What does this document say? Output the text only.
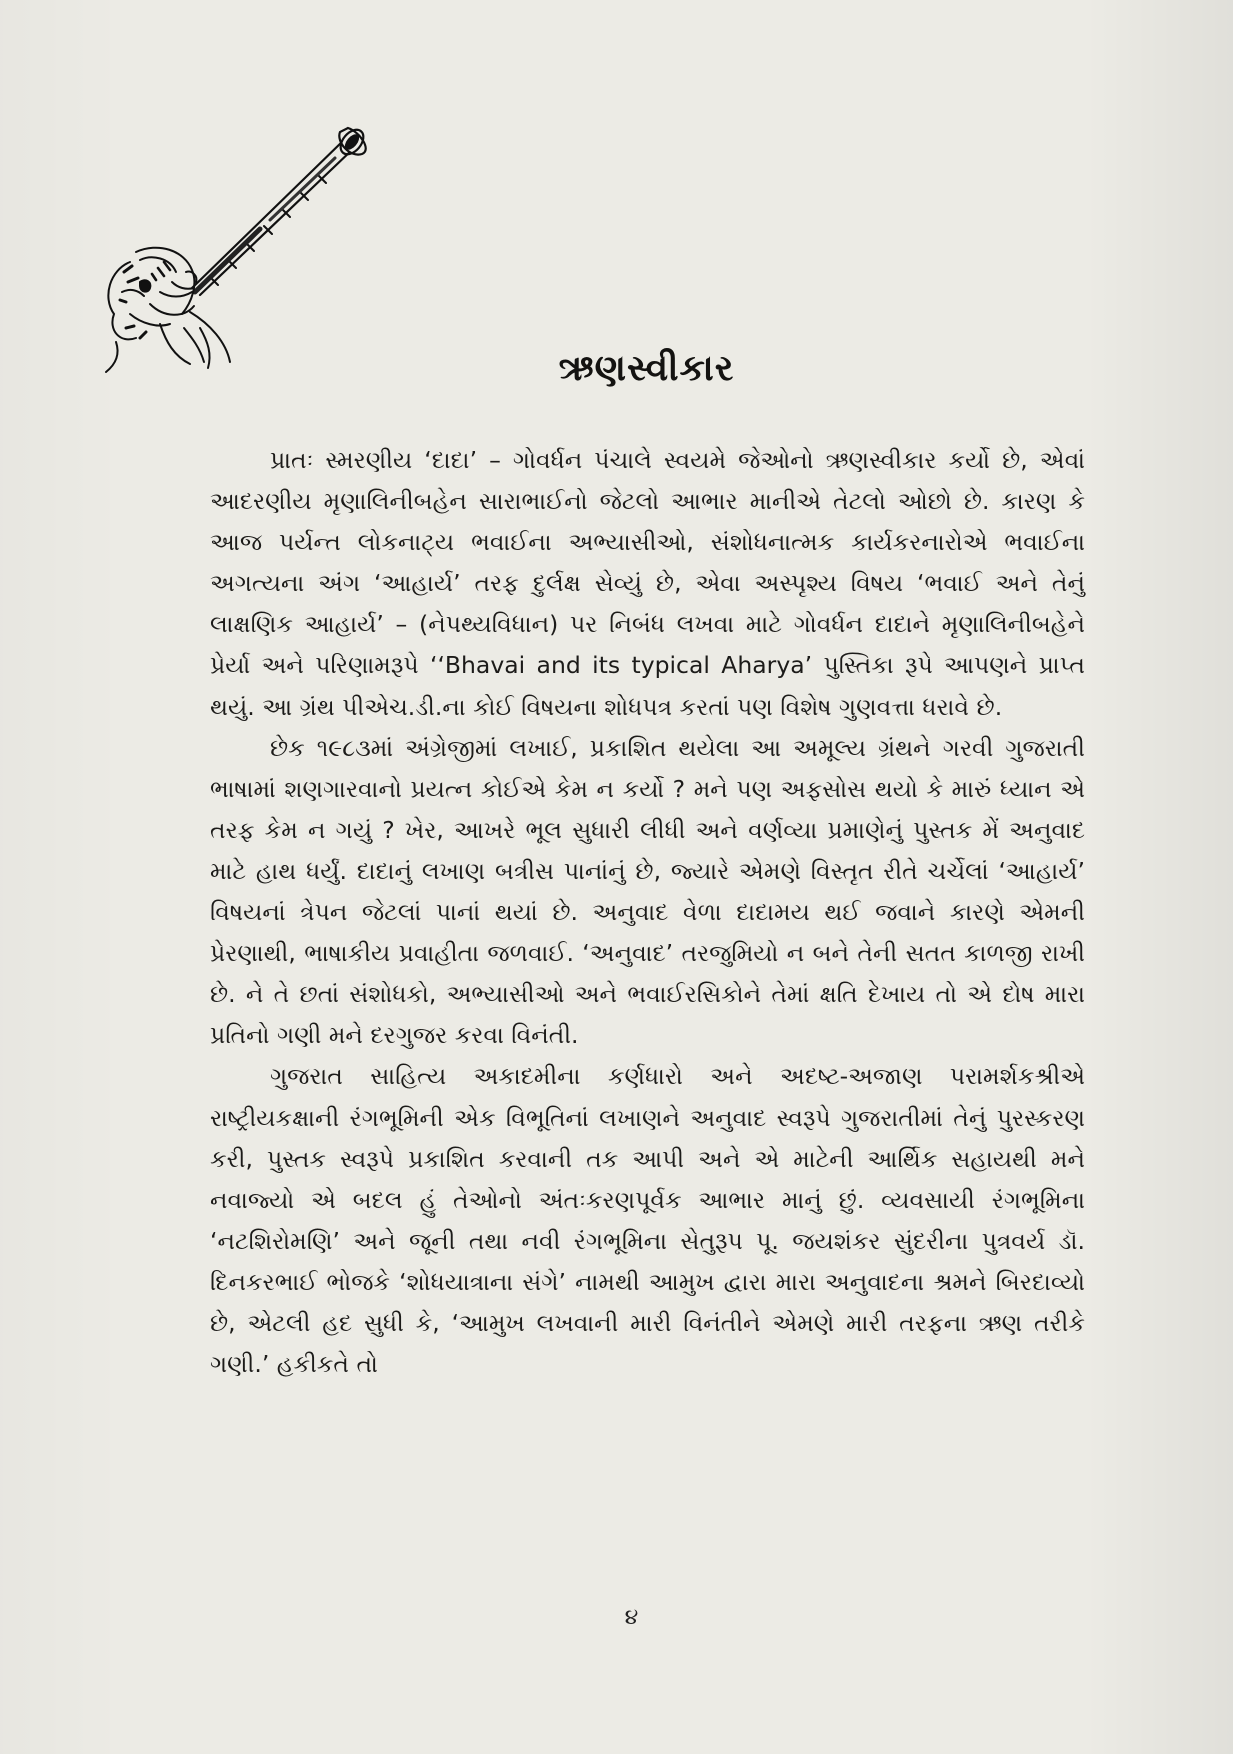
ઋણસ્વીકાર

પ્રાતઃ સ્મરણીય ‘દાદા’ – ગોવર્ધન પંચાલે સ્વયમે જેઓનો ઋણસ્વીકાર કર્યો છે, એવાં આદરણીય મૃણાલિનીબહેન સારાભાઈનો જેટલો આભાર માનીએ તેટલો ઓછો છે. કારણ કે આજ પર્યન્ત લોકનાટ્ય ભવાઈના અભ્યાસીઓ, સંશોધનાત્મક કાર્યકરનારોએ ભવાઈના અગત્યના અંગ ‘આહાર્ય’ તરફ દુર્લક્ષ સેવ્યું છે, એવા અસ્પૃશ્ય વિષય ‘ભવાઈ અને તેનું લાક્ષણિક આહાર્ય’ – (નેપથ્યવિધાન) પર નિબંધ લખવા માટે ગોવર્ધન દાદાને મૃણાલિનીબહેને પ્રેર્યા અને પરિણામરૂપે ‘‘Bhavai and its typical Aharya’ પુસ્તિકા રૂપે આપણને પ્રાપ્ત થયું. આ ગ્રંથ પીએચ.ડી.ના કોઈ વિષયના શોધપત્ર કરતાં પણ વિશેષ ગુણવત્તા ધરાવે છે.

છેક ૧૯૮૩માં અંગ્રેજીમાં લખાઈ, પ્રકાશિત થયેલા આ અમૂલ્ય ગ્રંથને ગરવી ગુજરાતી ભાષામાં શણગારવાનો પ્રયત્ન કોઈએ કેમ ન કર્યો ? મને પણ અફસોસ થયો કે મારું ધ્યાન એ તરફ કેમ ન ગયું ? ખેર, આખરે ભૂલ સુધારી લીધી અને વર્ણવ્યા પ્રમાણેનું પુસ્તક મેં અનુવાદ માટે હાથ ધર્યું. દાદાનું લખાણ બત્રીસ પાનાંનું છે, જ્યારે એમણે વિસ્તૃત રીતે ચર્ચેલાં ‘આહાર્ય’ વિષયનાં ત્રેપન જેટલાં પાનાં થયાં છે. અનુવાદ વેળા દાદામય થઈ જવાને કારણે એમની પ્રેરણાથી, ભાષાકીય પ્રવાહીતા જળવાઈ. ‘અનુવાદ’ તરજુમિયો ન બને તેની સતત કાળજી રાખી છે. ને તે છતાં સંશોધકો, અભ્યાસીઓ અને ભવાઈરસિકોને તેમાં ક્ષતિ દેખાય તો એ દોષ મારા પ્રતિનો ગણી મને દરગુજર કરવા વિનંતી.

ગુજરાત સાહિત્ય અકાદમીના કર્ણધારો અને અદષ્ટ-અજાણ પરામર્શકશ્રીએ રાષ્ટ્રીયકક્ષાની રંગભૂમિની એક વિભૂતિનાં લખાણને અનુવાદ સ્વરૂપે ગુજરાતીમાં તેનું પુરસ્કરણ કરી, પુસ્તક સ્વરૂપે પ્રકાશિત કરવાની તક આપી અને એ માટેની આર્થિક સહાયથી મને નવાજ્યો એ બદલ હું તેઓનો અંતઃકરણપૂર્વક આભાર માનું છું. વ્યવસાયી રંગભૂમિના ‘નટશિરોમણિ’ અને જૂની તથા નવી રંગભૂમિના સેતુરૂપ પૂ. જયશંકર સુંદરીના પુત્રવર્ય ડૉ. દિનકરભાઈ ભોજકે ‘શોધયાત્રાના સંગે’ નામથી આમુખ દ્વારા મારા અનુવાદના શ્રમને બિરદાવ્યો છે, એટલી હદ સુધી કે, ‘આમુખ લખવાની મારી વિનંતીને એમણે મારી તરફના ઋણ તરીકે ગણી.’ હકીકતે તો

૪
